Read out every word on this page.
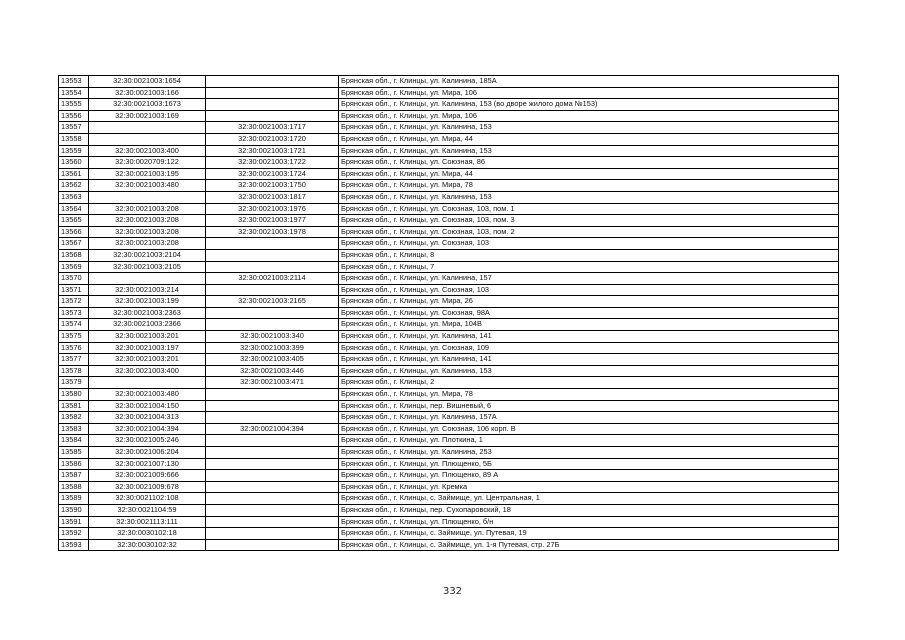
13553	32:30:0021003:1654		Брянская обл., г. Клинцы, ул. Калинина, 185А
13554	32:30:0021003:166		Брянская обл., г. Клинцы, ул. Мира, 106
13555	32:30:0021003:1673		Брянская обл., г. Клинцы, ул. Калинина, 153 (во дворе жилого дома №153)
13556	32:30:0021003:169		Брянская обл., г. Клинцы, ул. Мира, 106
13557		32:30:0021003:1717	Брянская обл., г. Клинцы, ул. Калинина, 153
13558		32:30:0021003:1720	Брянская обл., г. Клинцы, ул. Мира, 44
13559	32:30:0021003:400	32:30:0021003:1721	Брянская обл., г. Клинцы, ул. Калинина, 153
13560	32:30:0020709:122	32:30:0021003:1722	Брянская обл., г. Клинцы, ул. Союзная, 86
13561	32:30:0021003:195	32:30:0021003:1724	Брянская обл., г. Клинцы, ул. Мира, 44
13562	32:30:0021003:480	32:30:0021003:1750	Брянская обл., г. Клинцы, ул. Мира, 78
13563		32:30:0021003:1817	Брянская обл., г. Клинцы, ул. Калинина, 153
13564	32:30:0021003:208	32:30:0021003:1976	Брянская обл., г. Клинцы, ул. Союзная, 103, пом. 1
13565	32:30:0021003:208	32:30:0021003:1977	Брянская обл., г. Клинцы, ул. Союзная, 103, пом. 3
13566	32:30:0021003:208	32:30:0021003:1978	Брянская обл., г. Клинцы, ул. Союзная, 103, пом. 2
13567	32:30:0021003:208		Брянская обл., г. Клинцы, ул. Союзная, 103
13568	32:30:0021003:2104		Брянская обл., г. Клинцы, 8
13569	32:30:0021003:2105		Брянская обл., г. Клинцы, 7
13570		32:30:0021003:2114	Брянская обл., г. Клинцы, ул. Калинина, 157
13571	32:30:0021003:214		Брянская обл., г. Клинцы, ул. Союзная, 103
13572	32:30:0021003:199	32:30:0021003:2165	Брянская обл., г. Клинцы, ул. Мира, 26
13573	32:30:0021003:2363		Брянская обл., г. Клинцы, ул. Союзная, 98А
13574	32:30:0021003:2366		Брянская обл., г. Клинцы, ул. Мира, 104В
13575	32:30:0021003:201	32:30:0021003:340	Брянская обл., г. Клинцы, ул. Калинина, 141
13576	32:30:0021003:197	32:30:0021003:399	Брянская обл., г. Клинцы, ул. Союзная, 109
13577	32:30:0021003:201	32:30:0021003:405	Брянская обл., г. Клинцы, ул. Калинина, 141
13578	32:30:0021003:400	32:30:0021003:446	Брянская обл., г. Клинцы, ул. Калинина, 153
13579		32:30:0021003:471	Брянская обл., г. Клинцы, 2
13580	32:30:0021003:480		Брянская обл., г. Клинцы, ул. Мира, 78
13581	32:30:0021004:150		Брянская обл., г. Клинцы, пер. Вишневый, 6
13582	32:30:0021004:313		Брянская обл., г. Клинцы, ул. Калинина, 157А
13583	32:30:0021004:394	32:30:0021004:394	Брянская обл., г. Клинцы, ул. Союзная, 106 корп. В
13584	32:30:0021005:246		Брянская обл., г. Клинцы, ул. Плоткина, 1
13585	32:30:0021006:204		Брянская обл., г. Клинцы, ул. Калинина, 253
13586	32:30:0021007:130		Брянская обл., г. Клинцы, ул. Плющенко, 5Б
13587	32:30:0021009:666		Брянская обл., г. Клинцы, ул. Плющенко, 89 А
13588	32:30:0021009:678		Брянская обл., г. Клинцы, ул. Кремка
13589	32:30:0021102:108		Брянская обл., г. Клинцы, с. Займище, ул. Центральная, 1
13590	32:30:0021104:59		Брянская обл., г. Клинцы, пер. Сухопаровский, 18
13591	32:30:0021113:111		Брянская обл., г. Клинцы, ул. Плющенко, б/н
13592	32:30:0030102:18		Брянская обл., г. Клинцы, с. Займище, ул. Путевая, 19
13593	32:30:0030102:32		Брянская обл., г. Клинцы, с. Займище, ул. 1-я Путевая, стр. 27Б
332
